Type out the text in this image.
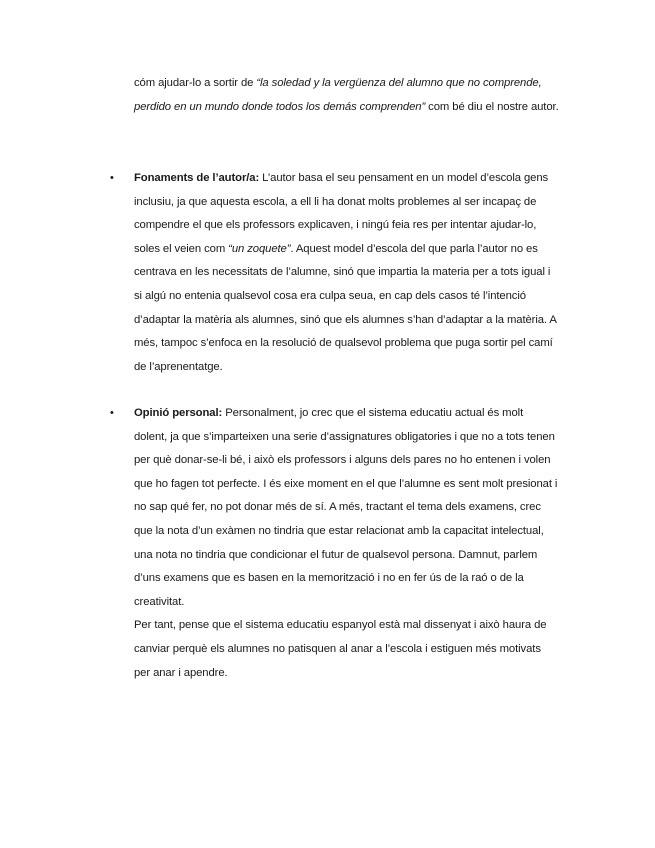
cóm ajudar-lo a sortir de “la soledad y la vergüenza del alumno que no comprende, perdido en un mundo donde todos los demás comprenden” com bé diu el nostre autor.
• Fonaments de l’autor/a: L’autor basa el seu pensament en un model d’escola gens inclusiu, ja que aquesta escola, a ell li ha donat molts problemes al ser incapaç de compendre el que els professors explicaven, i ningú feia res per intentar ajudar-lo, soles el veien com “un zoquete”. Aquest model d’escola del que parla l’autor no es centrava en les necessitats de l’alumne, sinó que impartia la materia per a tots igual i si algú no entenia qualsevol cosa era culpa seua, en cap dels casos té l’intenció d’adaptar la matèria als alumnes, sinó que els alumnes s’han d’adaptar a la matèria. A més, tampoc s’enfoca en la resolució de qualsevol problema que puga sortir pel camí de l’aprenentatge.
• Opinió personal: Personalment, jo crec que el sistema educatiu actual és molt dolent, ja que s’imparteixen una serie d’assignatures obligatories i que no a tots tenen per què donar-se-li bé, i això els professors i alguns dels pares no ho entenen i volen que ho fagen tot perfecte. I és eixe moment en el que l’alumne es sent molt presionat i no sap qué fer, no pot donar més de sí. A més, tractant el tema dels examens, crec que la nota d’un exàmen no tindria que estar relacionat amb la capacitat intelectual, una nota no tindria que condicionar el futur de qualsevol persona. Damnut, parlem d’uns examens que es basen en la memorització i no en fer ús de la raó o de la creativitat.
Per tant, pense que el sistema educatiu espanyol està mal dissenyat i això haura de canviar perquè els alumnes no patisquen al anar a l’escola i estiguen més motivats per anar i apendre.
